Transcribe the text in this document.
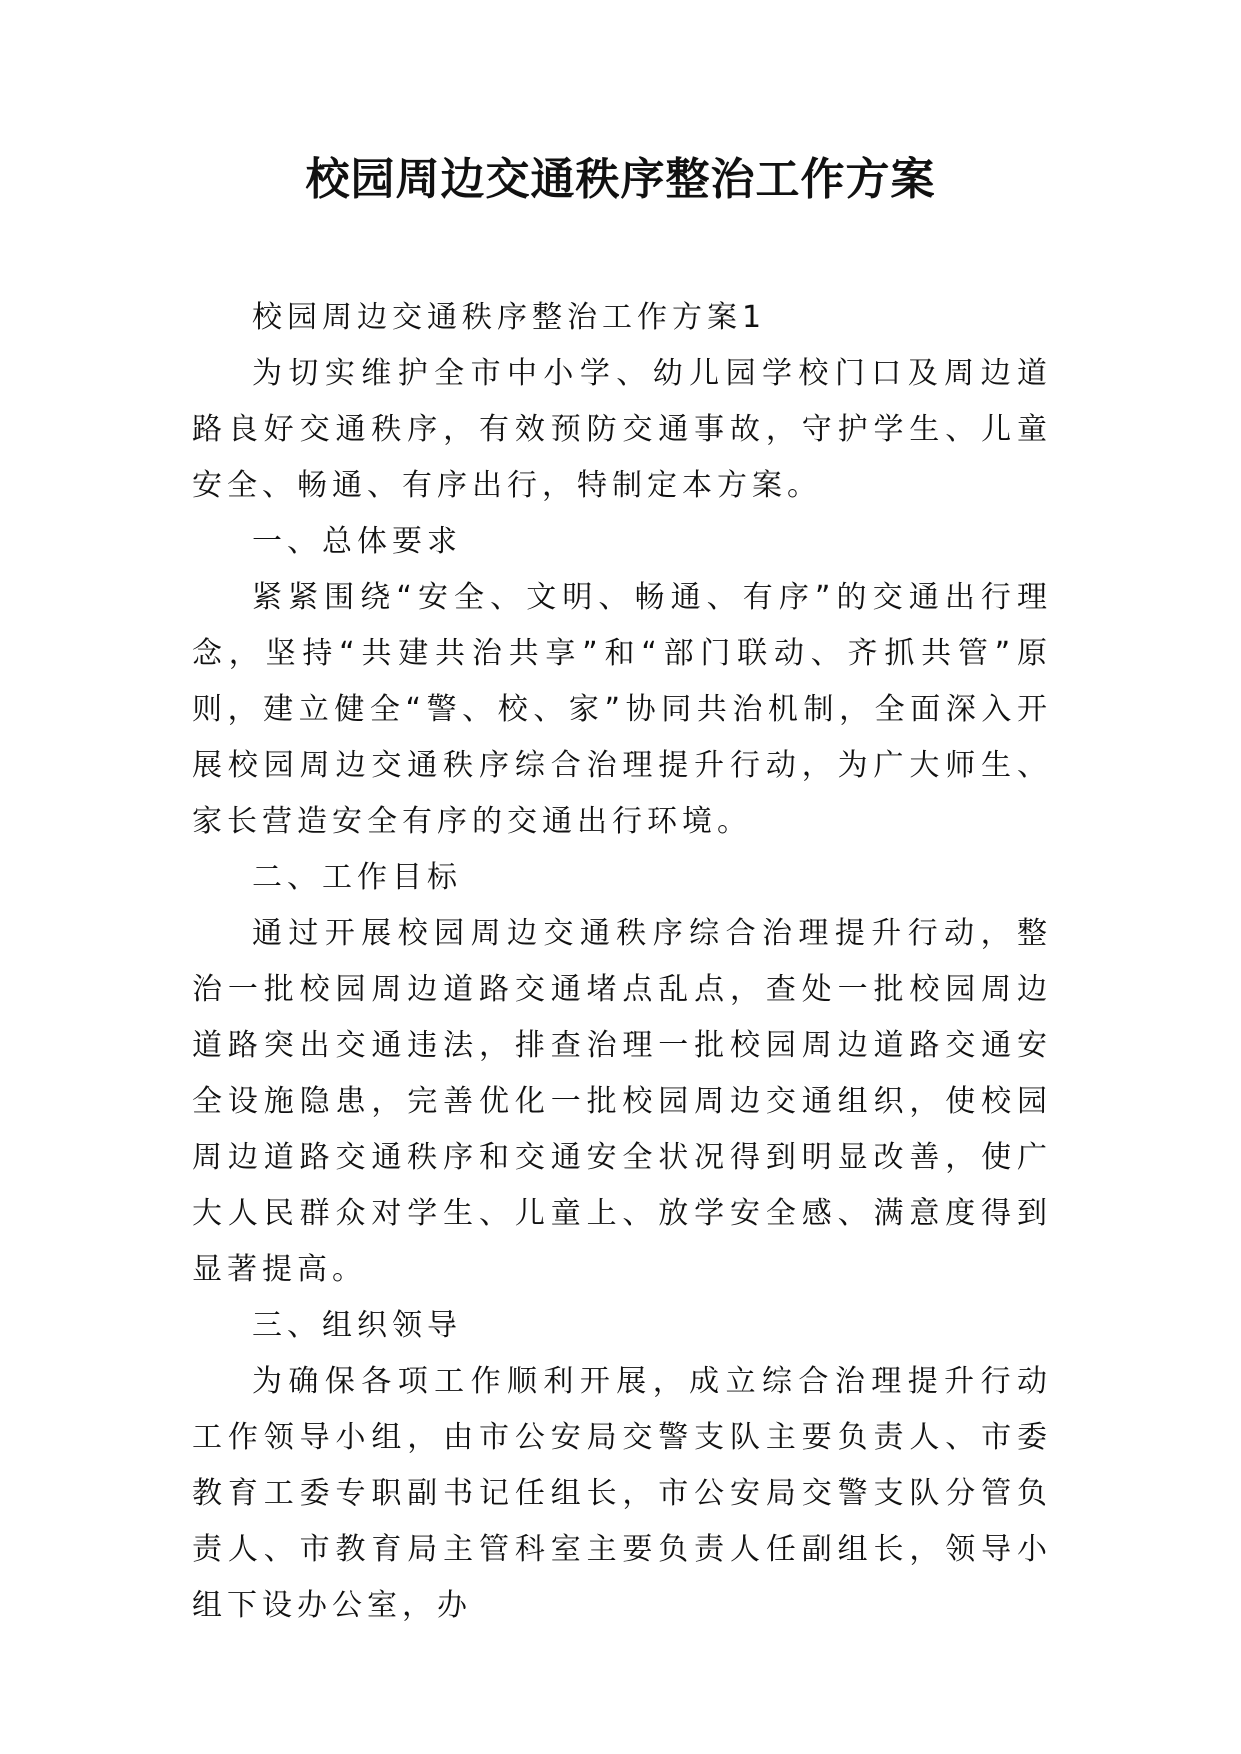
校园周边交通秩序整治工作方案

校园周边交通秩序整治工作方案1

为切实维护全市中小学、幼儿园学校门口及周边道路良好交通秩序，有效预防交通事故，守护学生、儿童安全、畅通、有序出行，特制定本方案。

一、总体要求

紧紧围绕“安全、文明、畅通、有序”的交通出行理念，坚持“共建共治共享”和“部门联动、齐抓共管”原则，建立健全“警、校、家”协同共治机制，全面深入开展校园周边交通秩序综合治理提升行动，为广大师生、家长营造安全有序的交通出行环境。

二、工作目标

通过开展校园周边交通秩序综合治理提升行动，整治一批校园周边道路交通堵点乱点，查处一批校园周边道路突出交通违法，排查治理一批校园周边道路交通安全设施隐患，完善优化一批校园周边交通组织，使校园周边道路交通秩序和交通安全状况得到明显改善，使广大人民群众对学生、儿童上、放学安全感、满意度得到显著提高。

三、组织领导

为确保各项工作顺利开展，成立综合治理提升行动工作领导小组，由市公安局交警支队主要负责人、市委教育工委专职副书记任组长，市公安局交警支队分管负责人、市教育局主管科室主要负责人任副组长，领导小组下设办公室，办
